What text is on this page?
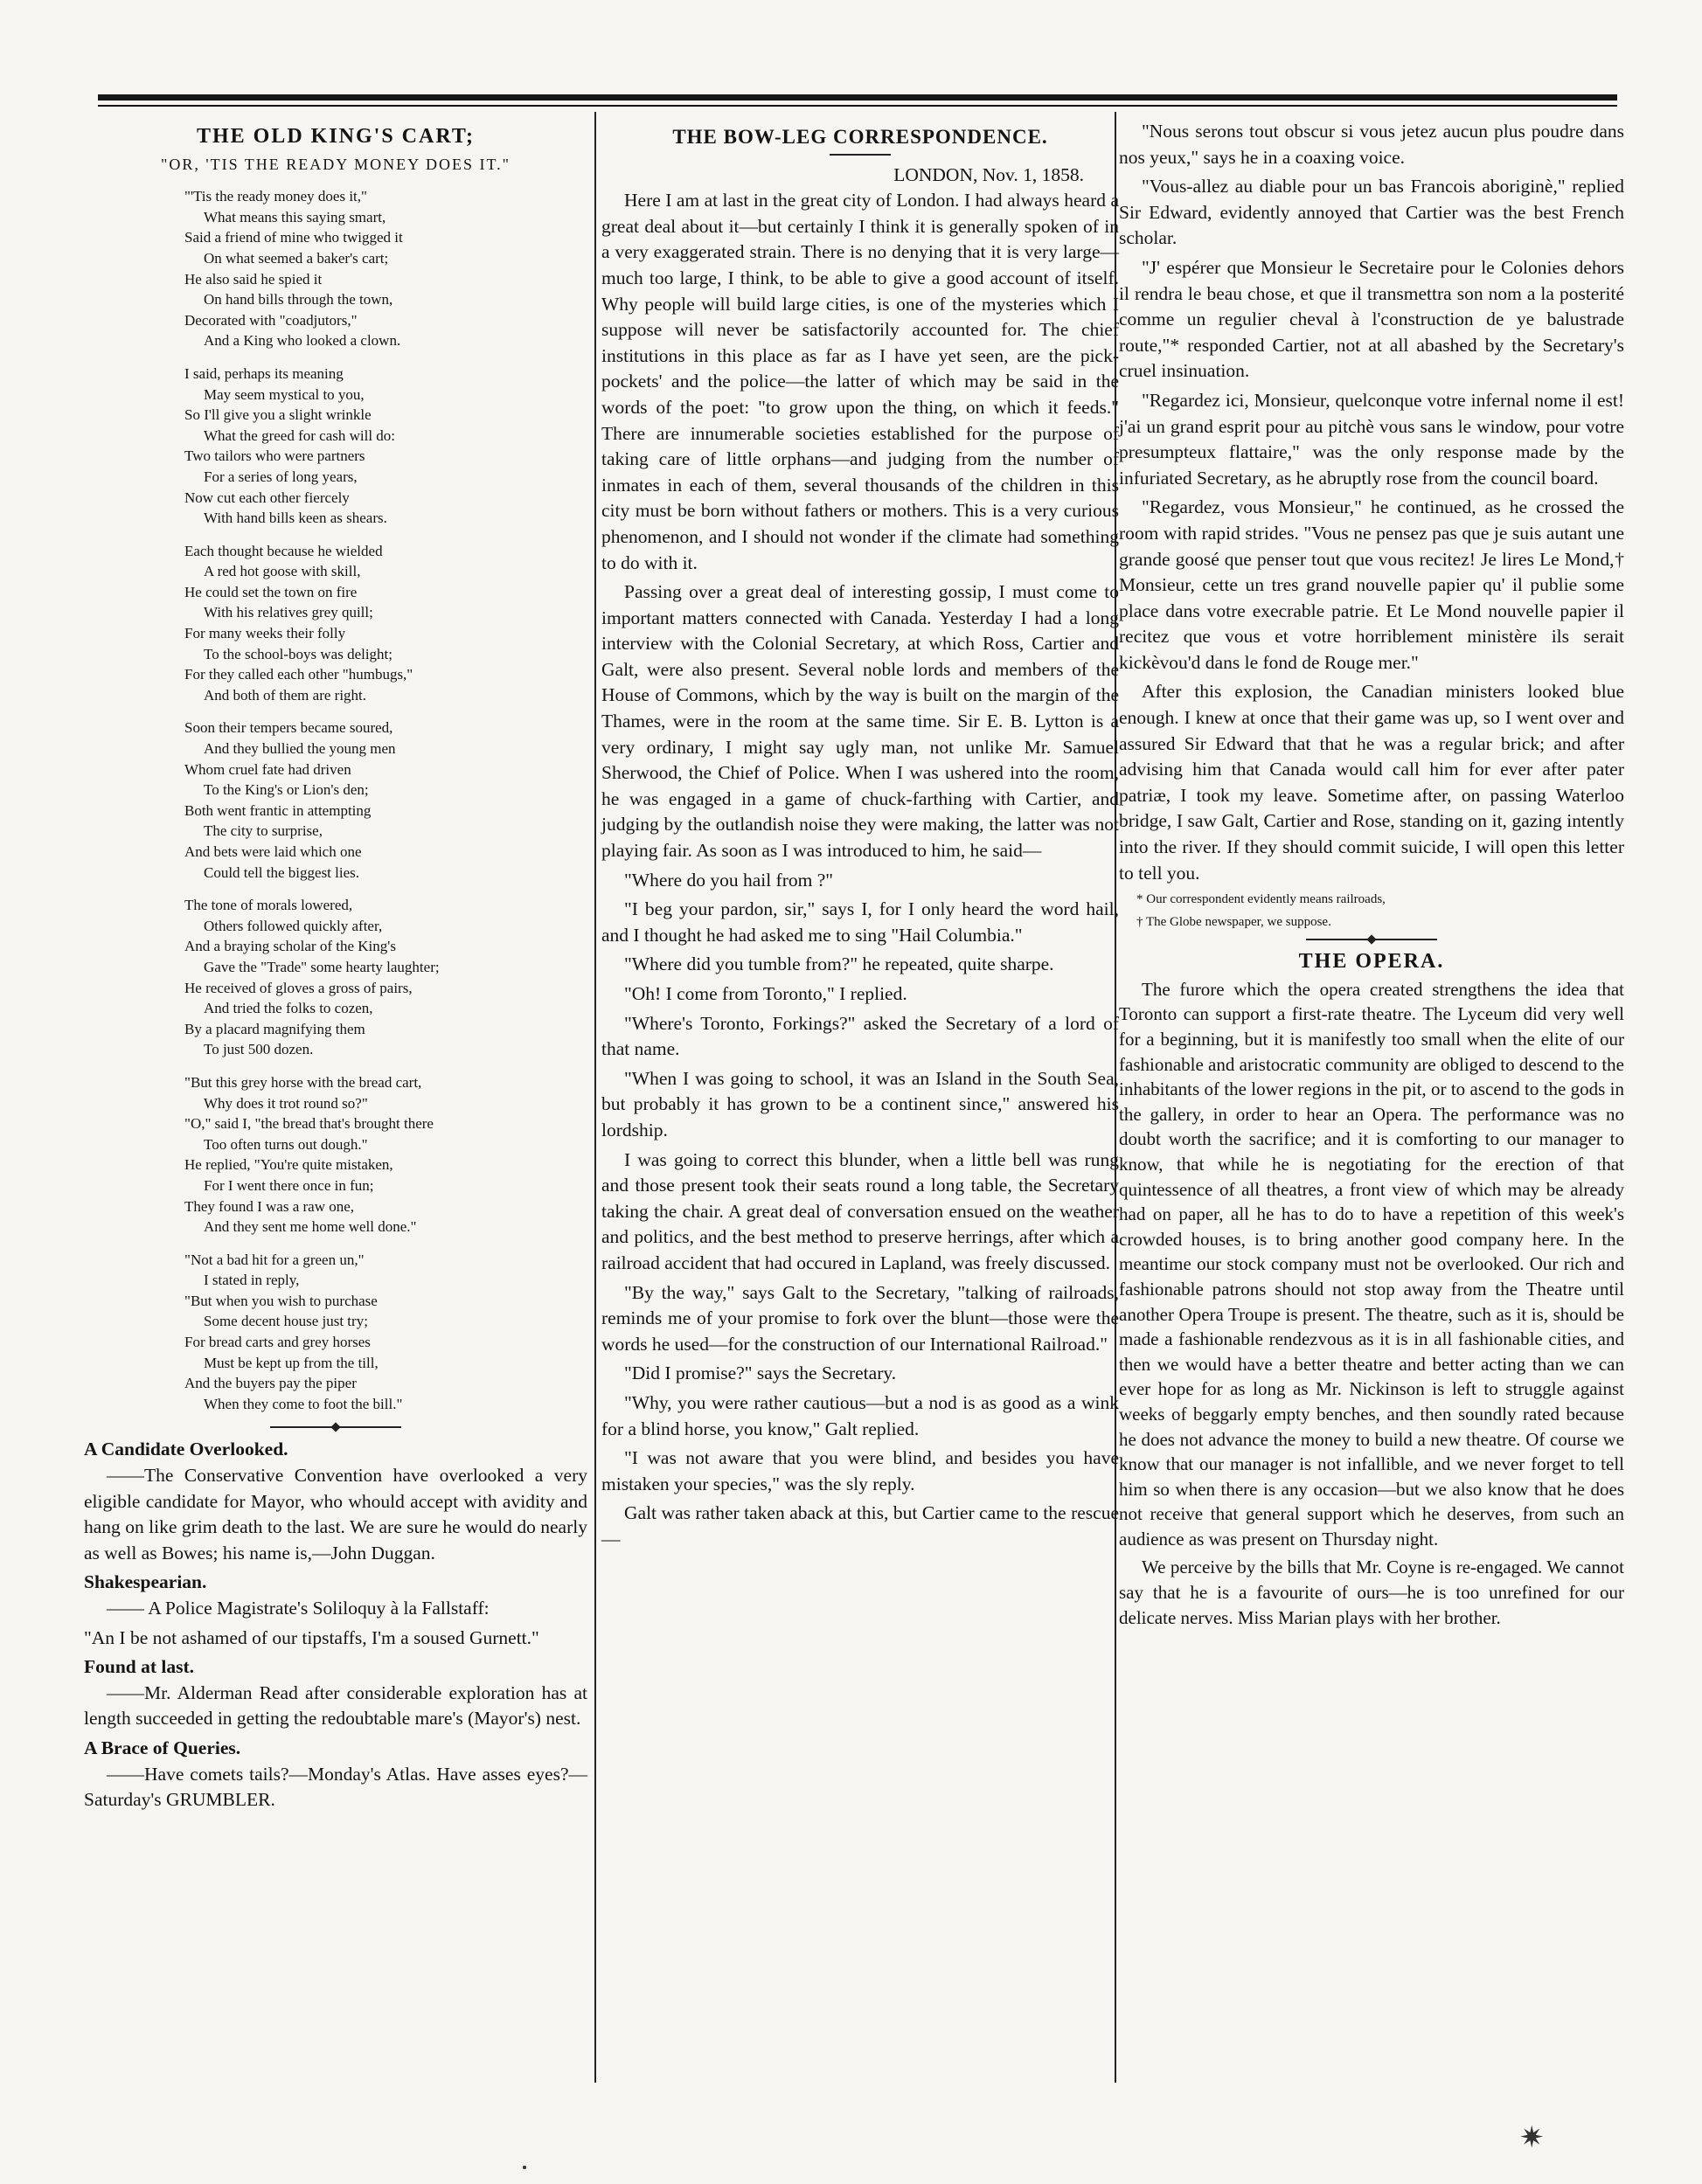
THE OLD KING'S CART;
"OR, 'TIS THE READY MONEY DOES IT."
"'Tis the ready money does it,"
What means this saying smart,
Said a friend of mine who twigged it
On what seemed a baker's cart;
He also said he spied it
On hand bills through the town,
Decorated with "coadjutors,"
And a King who looked a clown.
I said, perhaps its meaning
May seem mystical to you,
So I'll give you a slight wrinkle
What the greed for cash will do:
Two tailors who were partners
For a series of long years,
Now cut each other fiercely
With hand bills keen as shears.
Each thought because he wielded
A red hot goose with skill,
He could set the town on fire
With his relatives grey quill;
For many weeks their folly
To the school-boys was delight;
For they called each other "humbugs,"
And both of them are right.
Soon their tempers became soured,
And they bullied the young men
Whom cruel fate had driven
To the King's or Lion's den;
Both went frantic in attempting
The city to surprise,
And bets were laid which one
Could tell the biggest lies.
The tone of morals lowered,
Others followed quickly after,
And a braying scholar of the King's
Gave the "Trade" some hearty laughter;
He received of gloves a gross of pairs,
And tried the folks to cozen,
By a placard magnifying them
To just 500 dozen.
"But this grey horse with the bread cart,
Why does it trot round so?"
"O," said I, "the bread that's brought there
Too often turns out dough."
He replied, "You're quite mistaken,
For I went there once in fun;
They found I was a raw one,
And they sent me home well done."
"Not a bad hit for a green un,"
I stated in reply,
"But when you wish to purchase
Some decent house just try;
For bread carts and grey horses
Must be kept up from the till,
And the buyers pay the piper
When they come to foot the bill."
A Candidate Overlooked.

——The Conservative Convention have overlooked a very eligible candidate for Mayor, who whould accept with avidity and hang on like grim death to the last. We are sure he would do nearly as well as Bowes; his name is,—John Duggan.

Shakespearian.

—— A Police Magistrate's Soliloquy à la Fallstaff:

"An I be not ashamed of our tipstaffs, I'm a soused Gurnett."

Found at last.

——Mr. Alderman Read after considerable exploration has at length succeeded in getting the redoubtable mare's (Mayor's) nest.

A Brace of Queries.

——Have comets tails?—Monday's Atlas. Have asses eyes?—Saturday's GRUMBLER.

THE BOW-LEG CORRESPONDENCE.
LONDON, Nov. 1, 1858.

Here I am at last in the great city of London. I had always heard a great deal about it—but certainly I think it is generally spoken of in a very exaggerated strain. There is no denying that it is very large—much too large, I think, to be able to give a good account of itself. Why people will build large cities, is one of the mysteries which I suppose will never be satisfactorily accounted for. The chief institutions in this place as far as I have yet seen, are the pick-pockets' and the police—the latter of which may be said in the words of the poet: "to grow upon the thing, on which it feeds." There are innumerable societies established for the purpose of taking care of little orphans—and judging from the number of inmates in each of them, several thousands of the children in this city must be born without fathers or mothers. This is a very curious phenomenon, and I should not wonder if the climate had something to do with it.

Passing over a great deal of interesting gossip, I must come to important matters connected with Canada. Yesterday I had a long interview with the Colonial Secretary, at which Ross, Cartier and Galt, were also present. Several noble lords and members of the House of Commons, which by the way is built on the margin of the Thames, were in the room at the same time. Sir E. B. Lytton is a very ordinary, I might say ugly man, not unlike Mr. Samuel Sherwood, the Chief of Police. When I was ushered into the room, he was engaged in a game of chuck-farthing with Cartier, and judging by the outlandish noise they were making, the latter was not playing fair. As soon as I was introduced to him, he said—

"Where do you hail from ?"

"I beg your pardon, sir," says I, for I only heard the word hail, and I thought he had asked me to sing "Hail Columbia."

"Where did you tumble from?" he repeated, quite sharpe.

"Oh! I come from Toronto," I replied.

"Where's Toronto, Forkings?" asked the Secretary of a lord of that name.

"When I was going to school, it was an Island in the South Sea, but probably it has grown to be a continent since," answered his lordship.

I was going to correct this blunder, when a little bell was rung and those present took their seats round a long table, the Secretary taking the chair. A great deal of conversation ensued on the weather and politics, and the best method to preserve herrings, after which a railroad accident that had occured in Lapland, was freely discussed.

"By the way," says Galt to the Secretary, "talking of railroads, reminds me of your promise to fork over the blunt—those were the words he used—for the construction of our International Railroad."

"Did I promise?" says the Secretary.

"Why, you were rather cautious—but a nod is as good as a wink for a blind horse, you know," Galt replied.

"I was not aware that you were blind, and besides you have mistaken your species," was the sly reply.

Galt was rather taken aback at this, but Cartier came to the rescue—

"Nous serons tout obscur si vous jetez aucun plus poudre dans nos yeux," says he in a coaxing voice.

"Vous-allez au diable pour un bas Francois aboriginè," replied Sir Edward, evidently annoyed that Cartier was the best French scholar.

"J' espérer que Monsieur le Secretaire pour le Colonies dehors il rendra le beau chose, et que il transmettra son nom a la posterité comme un regulier cheval à l'construction de ye balustrade route,"* responded Cartier, not at all abashed by the Secretary's cruel insinuation.

"Regardez ici, Monsieur, quelconque votre infernal nome il est! j'ai un grand esprit pour au pitchè vous sans le window, pour votre presumpteux flattaire," was the only response made by the infuriated Secretary, as he abruptly rose from the council board.

"Regardez, vous Monsieur," he continued, as he crossed the room with rapid strides. "Vous ne pensez pas que je suis autant une grande goosé que penser tout que vous recitez! Je lires Le Mond,† Monsieur, cette un tres grand nouvelle papier qu' il publie some place dans votre execrable patrie. Et Le Mond nouvelle papier il recitez que vous et votre horriblement ministère ils serait kickèvou'd dans le fond de Rouge mer."

After this explosion, the Canadian ministers looked blue enough. I knew at once that their game was up, so I went over and assured Sir Edward that that he was a regular brick; and after advising him that Canada would call him for ever after pater patriæ, I took my leave. Sometime after, on passing Waterloo bridge, I saw Galt, Cartier and Rose, standing on it, gazing intently into the river. If they should commit suicide, I will open this letter to tell you.

* Our correspondent evidently means railroads,

† The Globe newspaper, we suppose.

THE OPERA.

The furore which the opera created strengthens the idea that Toronto can support a first-rate theatre. The Lyceum did very well for a beginning, but it is manifestly too small when the elite of our fashionable and aristocratic community are obliged to descend to the inhabitants of the lower regions in the pit, or to ascend to the gods in the gallery, in order to hear an Opera. The performance was no doubt worth the sacrifice; and it is comforting to our manager to know, that while he is negotiating for the erection of that quintessence of all theatres, a front view of which may be already had on paper, all he has to do to have a repetition of this week's crowded houses, is to bring another good company here. In the meantime our stock company must not be overlooked. Our rich and fashionable patrons should not stop away from the Theatre until another Opera Troupe is present. The theatre, such as it is, should be made a fashionable rendezvous as it is in all fashionable cities, and then we would have a better theatre and better acting than we can ever hope for as long as Mr. Nickinson is left to struggle against weeks of beggarly empty benches, and then soundly rated because he does not advance the money to build a new theatre. Of course we know that our manager is not infallible, and we never forget to tell him so when there is any occasion—but we also know that he does not receive that general support which he deserves, from such an audience as was present on Thursday night.

We perceive by the bills that Mr. Coyne is re-engaged. We cannot say that he is a favourite of ours—he is too unrefined for our delicate nerves. Miss Marian plays with her brother.

✷
